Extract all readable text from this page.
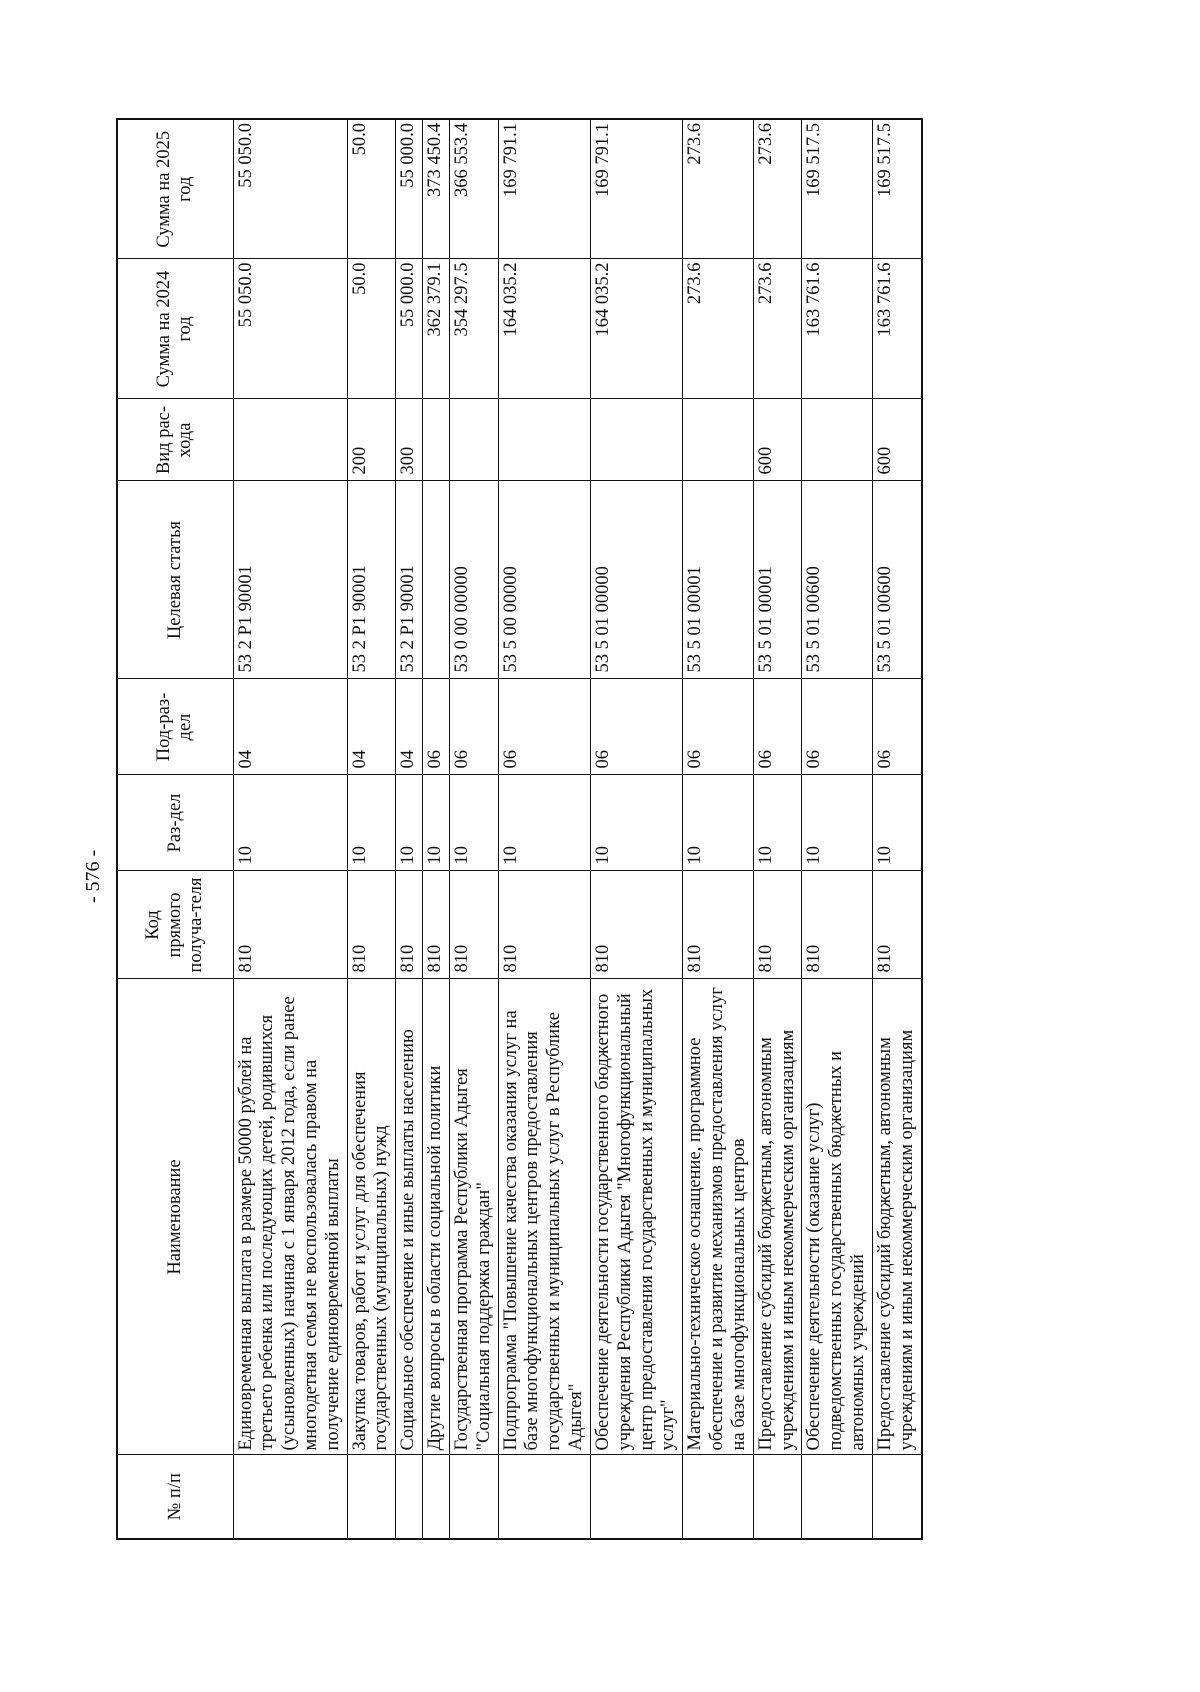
- 576 -
№ п/п	Наименование	Код прямого получа-теля	Раз-дел	Под-раз-дел	Целевая статья	Вид рас-хода	Сумма на 2024 год	Сумма на 2025 год
	Единовременная выплата в размере 50000 рублей на третьего ребенка или последующих детей, родившихся (усыновленных) начиная с 1 января 2012 года, если ранее многодетная семья не воспользовалась правом на получение единовременной выплаты	810	10	04	53 2 P1 90001		55 050.0	55 050.0
	Закупка товаров, работ и услуг для обеспечения государственных (муниципальных) нужд	810	10	04	53 2 P1 90001	200	50.0	50.0
	Социальное обеспечение и иные выплаты населению	810	10	04	53 2 P1 90001	300	55 000.0	55 000.0
	Другие вопросы в области социальной политики	810	10	06			362 379.1	373 450.4
	Государственная программа Республики Адыгея "Социальная поддержка граждан"	810	10	06	53 0 00 00000		354 297.5	366 553.4
	Подпрограмма "Повышение качества оказания услуг на базе многофункциональных центров предоставления государственных и муниципальных услуг в Республике Адыгея"	810	10	06	53 5 00 00000		164 035.2	169 791.1
	Обеспечение деятельности государственного бюджетного учреждения Республики Адыгея "Многофункциональный центр предоставления государственных и муниципальных услуг"	810	10	06	53 5 01 00000		164 035.2	169 791.1
	Материально-техническое оснащение, программное обеспечение и развитие механизмов предоставления услуг на базе многофункциональных центров	810	10	06	53 5 01 00001		273.6	273.6
	Предоставление субсидий бюджетным, автономным учреждениям и иным некоммерческим организациям	810	10	06	53 5 01 00001	600	273.6	273.6
	Обеспечение деятельности (оказание услуг) подведомственных государственных бюджетных и автономных учреждений	810	10	06	53 5 01 00600		163 761.6	169 517.5
	Предоставление субсидий бюджетным, автономным учреждениям и иным некоммерческим организациям	810	10	06	53 5 01 00600	600	163 761.6	169 517.5
